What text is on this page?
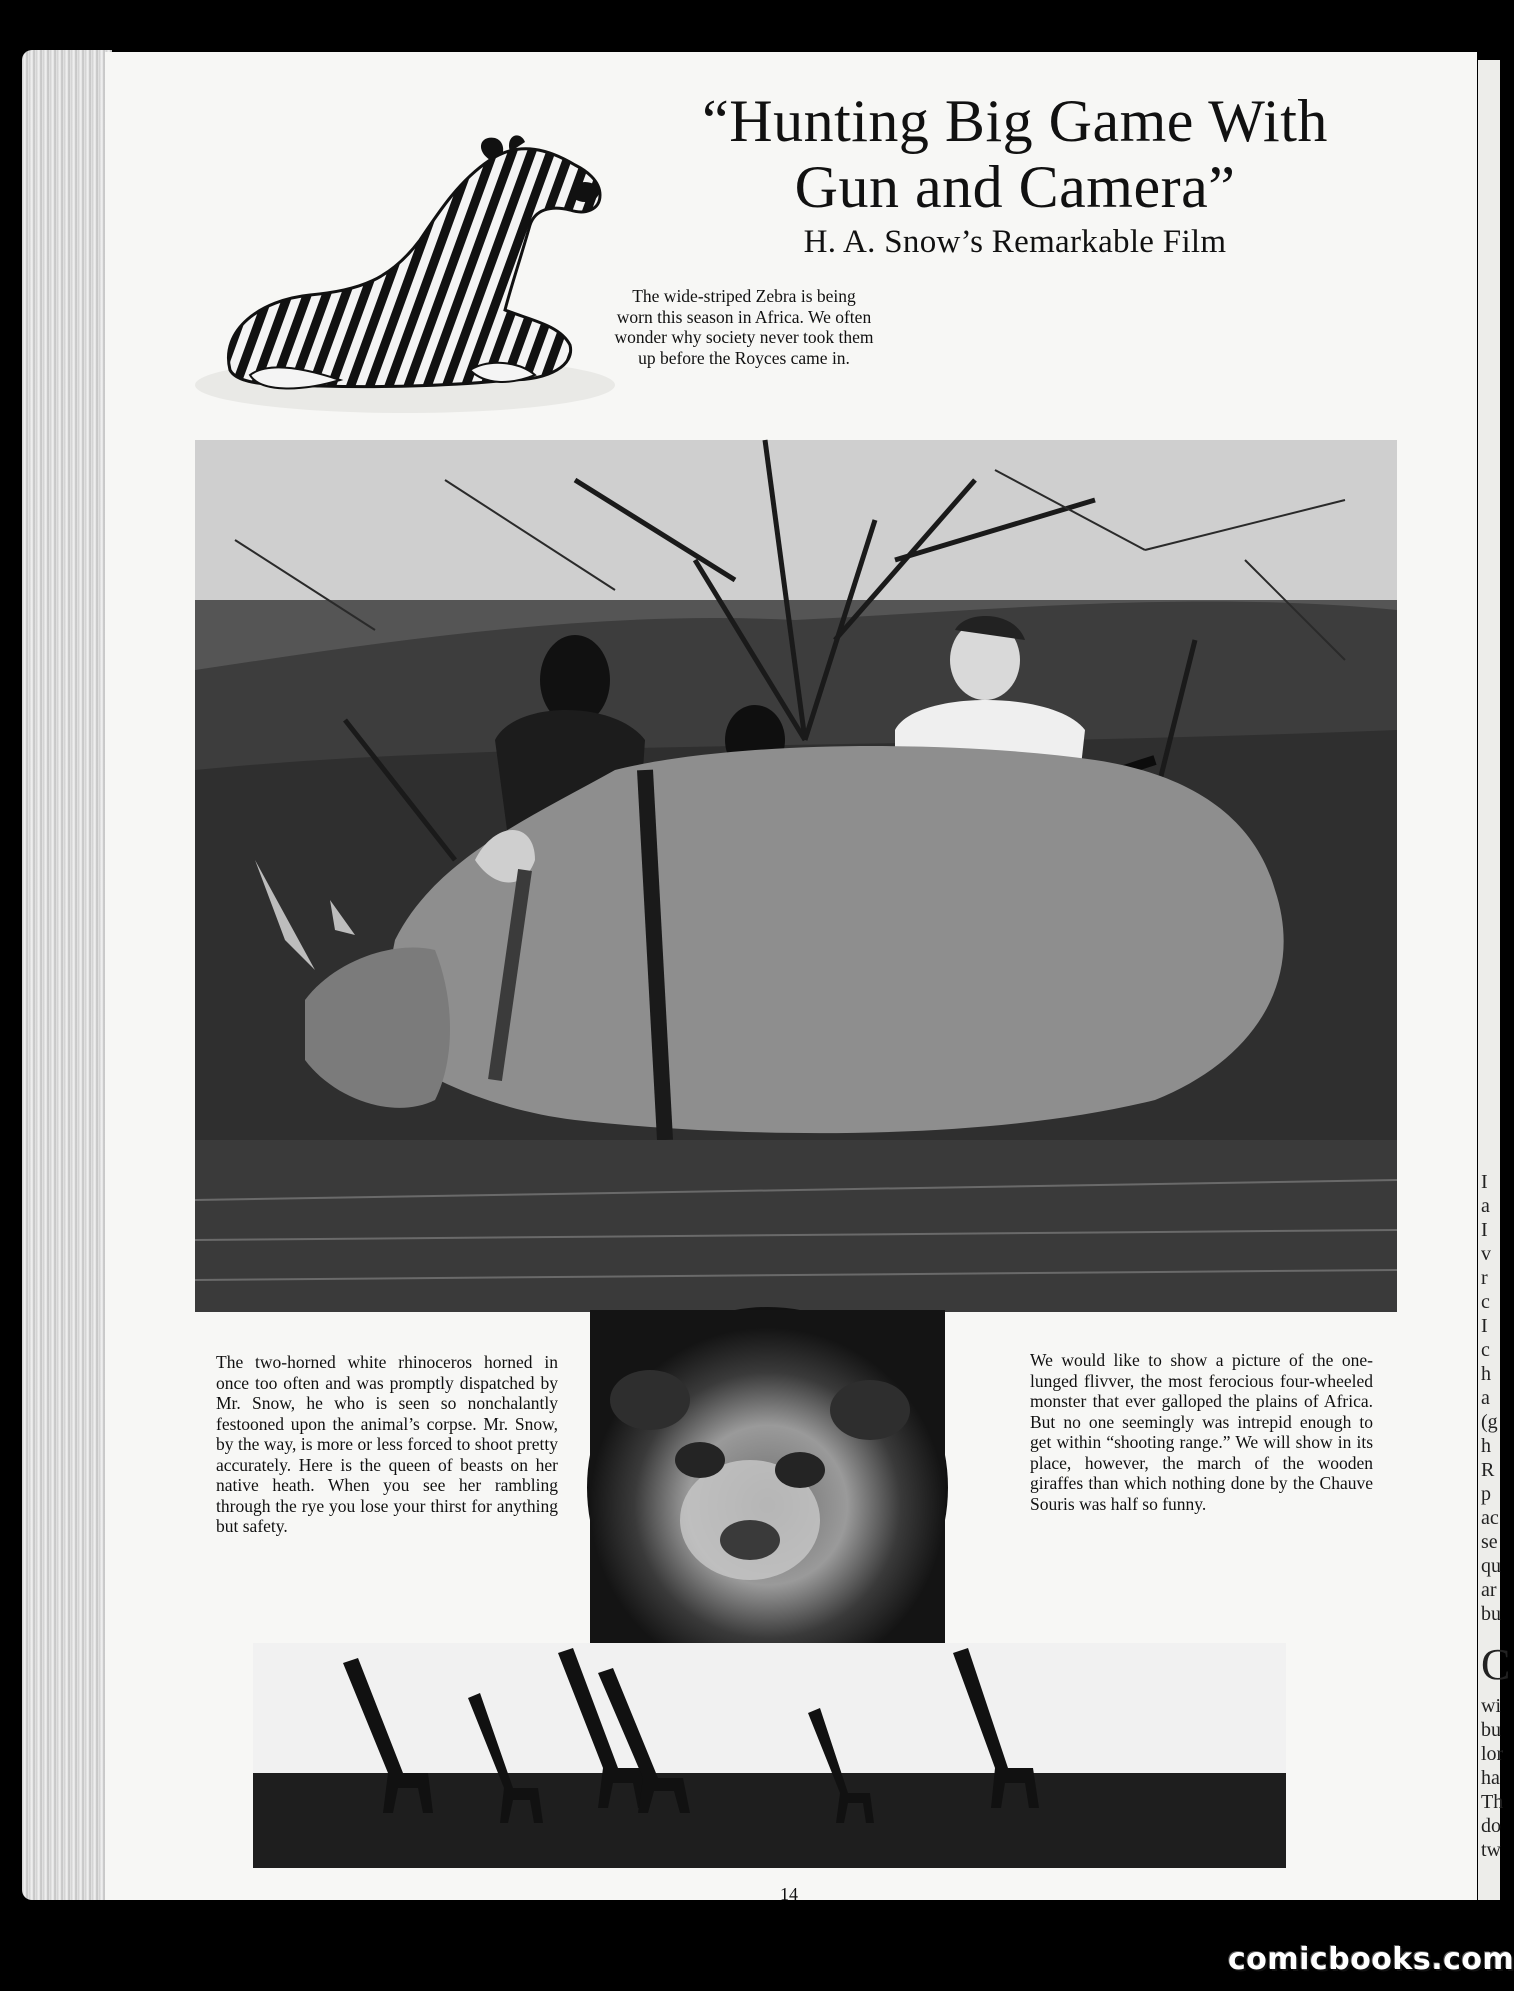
I
a
I
v
r
c
I
c
h
a
(g
h
R
p
ac
se
qu
ar
bu
C
wi
bu
lor
ha
Th
do
tw
“Hunting Big Game With
Gun and Camera”
H. A. Snow’s Remarkable Film
The wide-striped Zebra is being worn this season in Africa. We often wonder why society never took them up before the Royces came in.
The two-horned white rhinoceros horned in once too often and was promptly dispatched by Mr. Snow, he who is seen so nonchalantly festooned upon the animal’s corpse. Mr. Snow, by the way, is more or less forced to shoot pretty accurately. Here is the queen of beasts on her native heath. When you see her rambling through the rye you lose your thirst for anything but safety.
We would like to show a picture of the one-lunged flivver, the most ferocious four-wheeled monster that ever galloped the plains of Africa. But no one seemingly was intrepid enough to get within “shooting range.” We will show in its place, however, the march of the wooden giraffes than which nothing done by the Chauve Souris was half so funny.
14
comicbooks.com
